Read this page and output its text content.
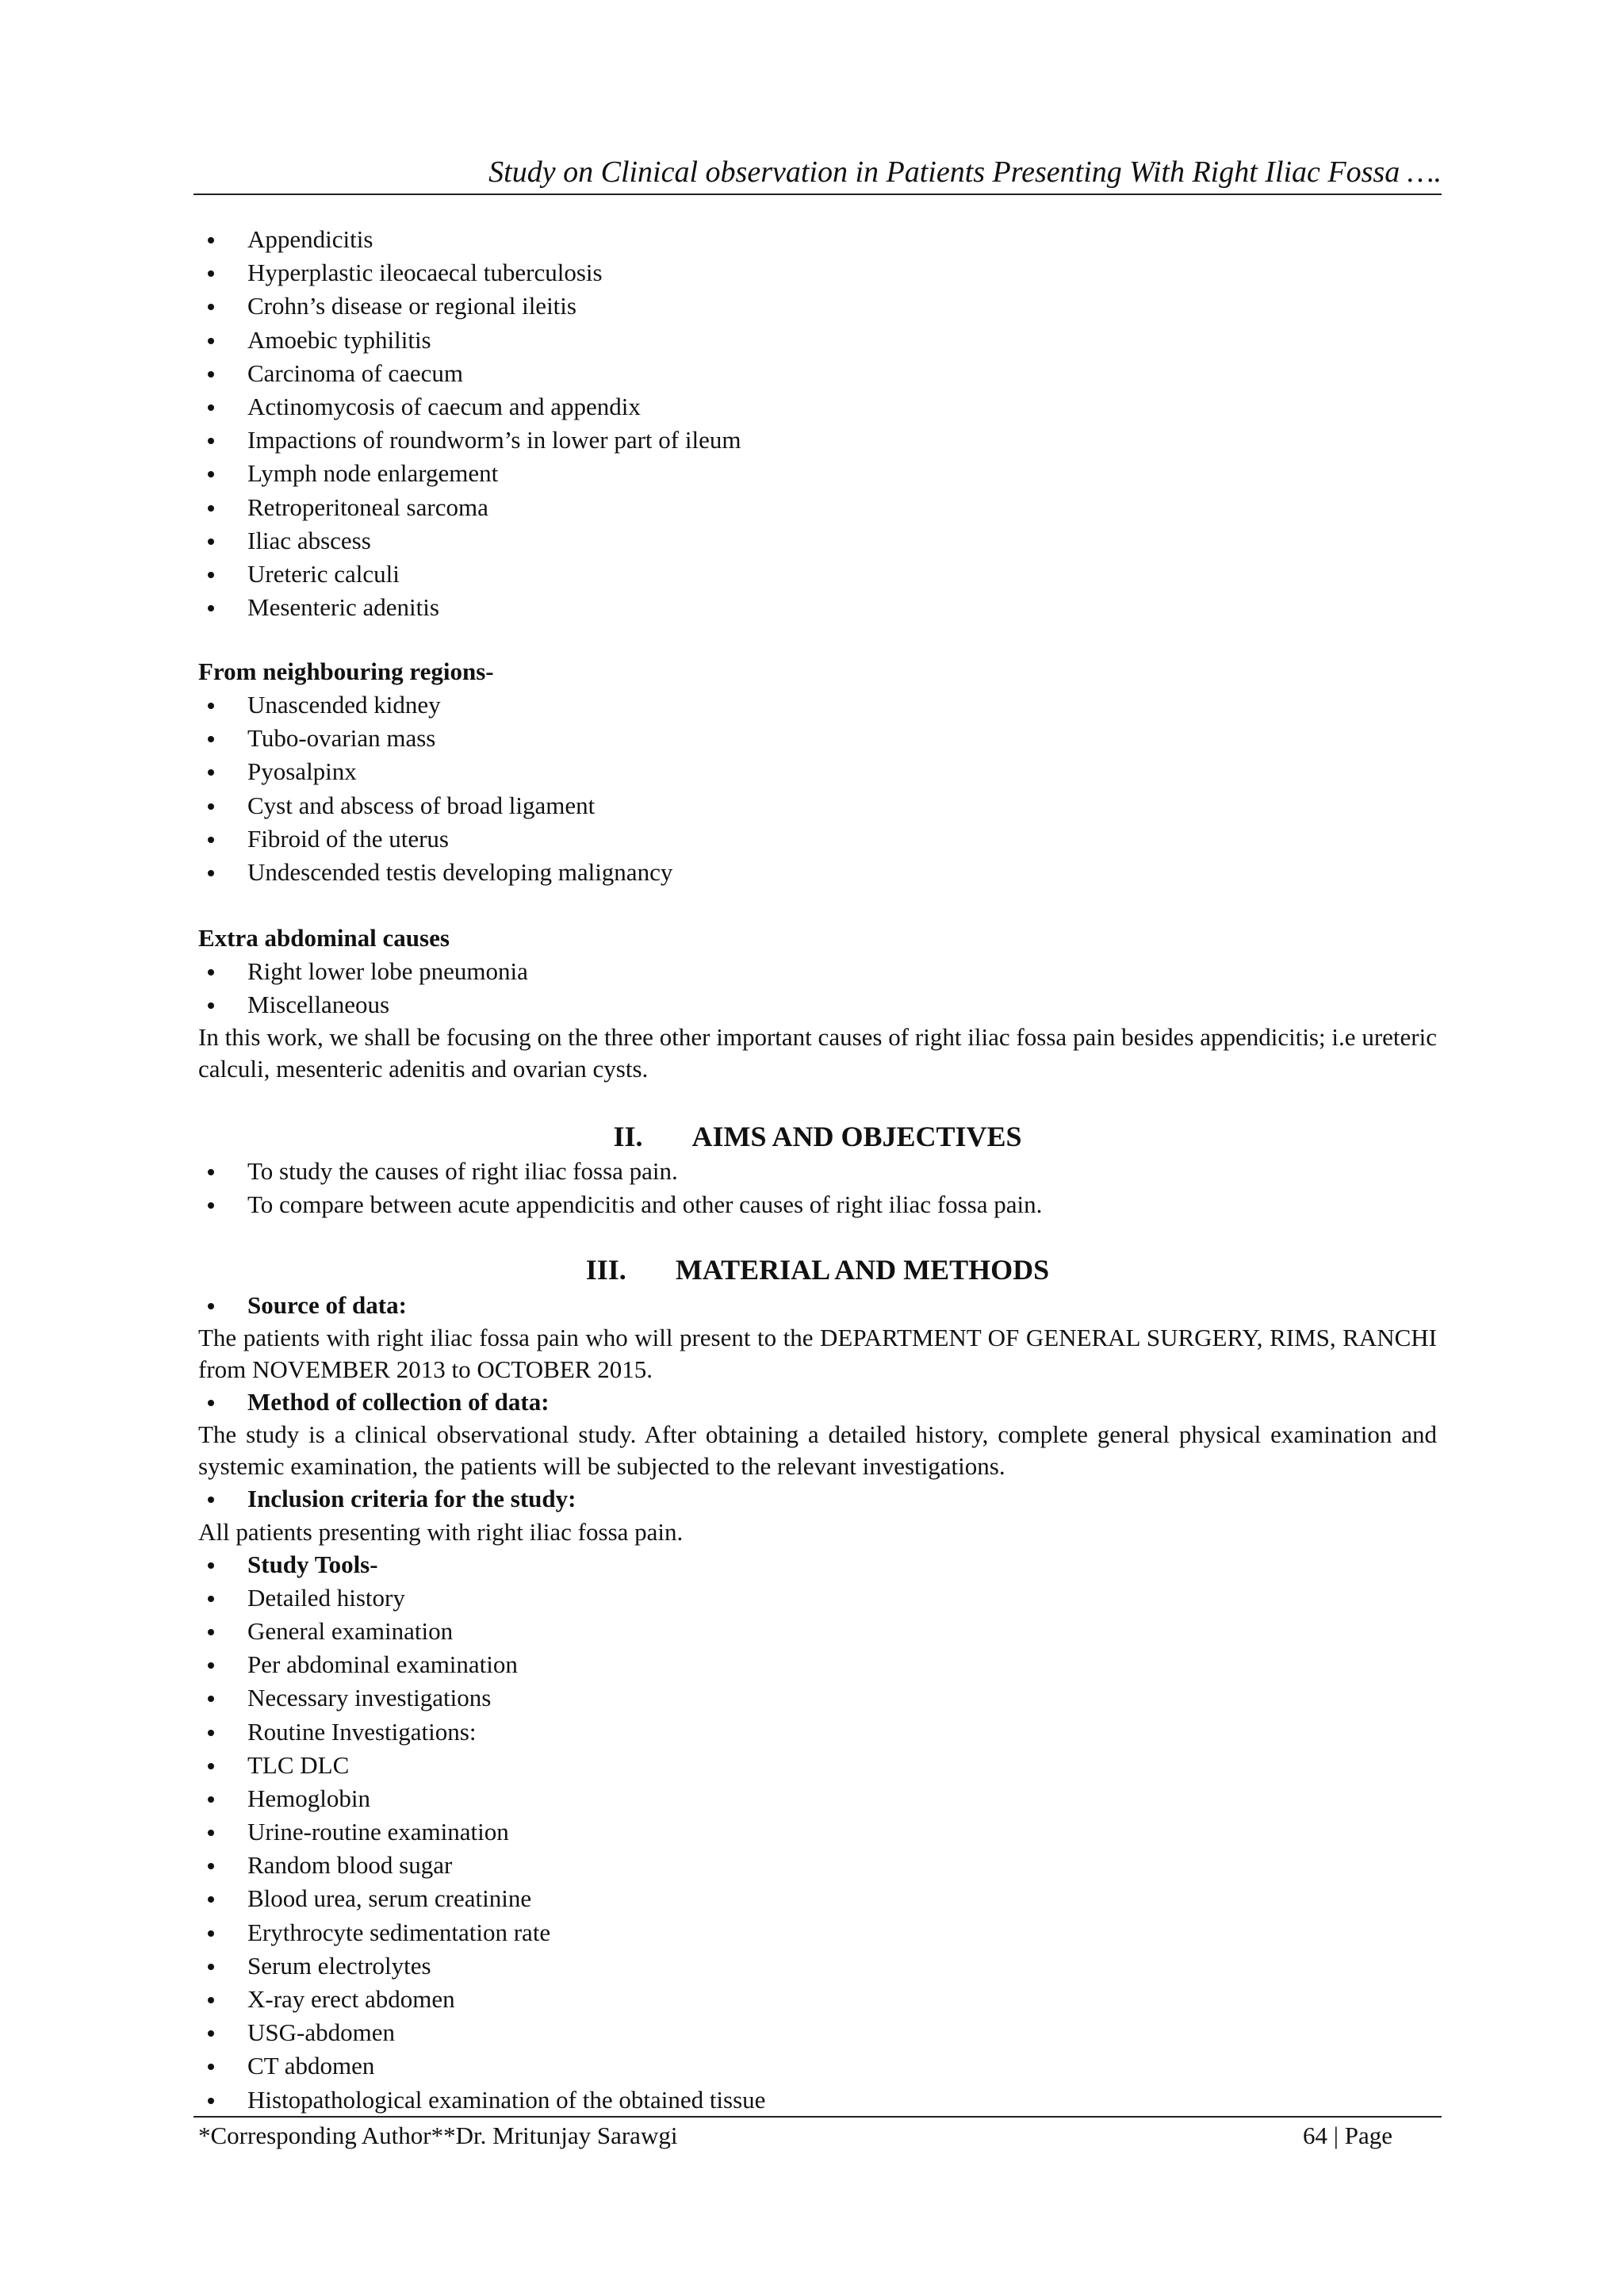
Study on Clinical observation in Patients Presenting With Right Iliac Fossa ….
Appendicitis
Hyperplastic ileocaecal tuberculosis
Crohn’s disease or regional ileitis
Amoebic typhilitis
Carcinoma of caecum
Actinomycosis of caecum and appendix
Impactions of roundworm’s in lower part of ileum
Lymph node enlargement
Retroperitoneal sarcoma
Iliac abscess
Ureteric calculi
Mesenteric adenitis
From neighbouring regions-
Unascended kidney
Tubo-ovarian mass
Pyosalpinx
Cyst and abscess of broad ligament
Fibroid of the uterus
Undescended testis developing malignancy
Extra abdominal causes
Right lower lobe pneumonia
Miscellaneous
In this work, we shall be focusing on the three other important causes of right iliac fossa pain besides appendicitis; i.e ureteric calculi, mesenteric adenitis and ovarian cysts.
II. AIMS AND OBJECTIVES
To study the causes of right iliac fossa pain.
To compare between acute appendicitis and other causes of right iliac fossa pain.
III. MATERIAL AND METHODS
Source of data:
The patients with right iliac fossa pain who will present to the DEPARTMENT OF GENERAL SURGERY, RIMS, RANCHI from NOVEMBER 2013 to OCTOBER 2015.
Method of collection of data:
The study is a clinical observational study. After obtaining a detailed history, complete general physical examination and systemic examination, the patients will be subjected to the relevant investigations.
Inclusion criteria for the study:
All patients presenting with right iliac fossa pain.
Study Tools-
Detailed history
General examination
Per abdominal examination
Necessary investigations
Routine Investigations:
TLC DLC
Hemoglobin
Urine-routine examination
Random blood sugar
Blood urea, serum creatinine
Erythrocyte sedimentation rate
Serum electrolytes
X-ray erect abdomen
USG-abdomen
CT abdomen
Histopathological examination of the obtained tissue
*Corresponding Author**Dr. Mritunjay Sarawgi	64 | Page
